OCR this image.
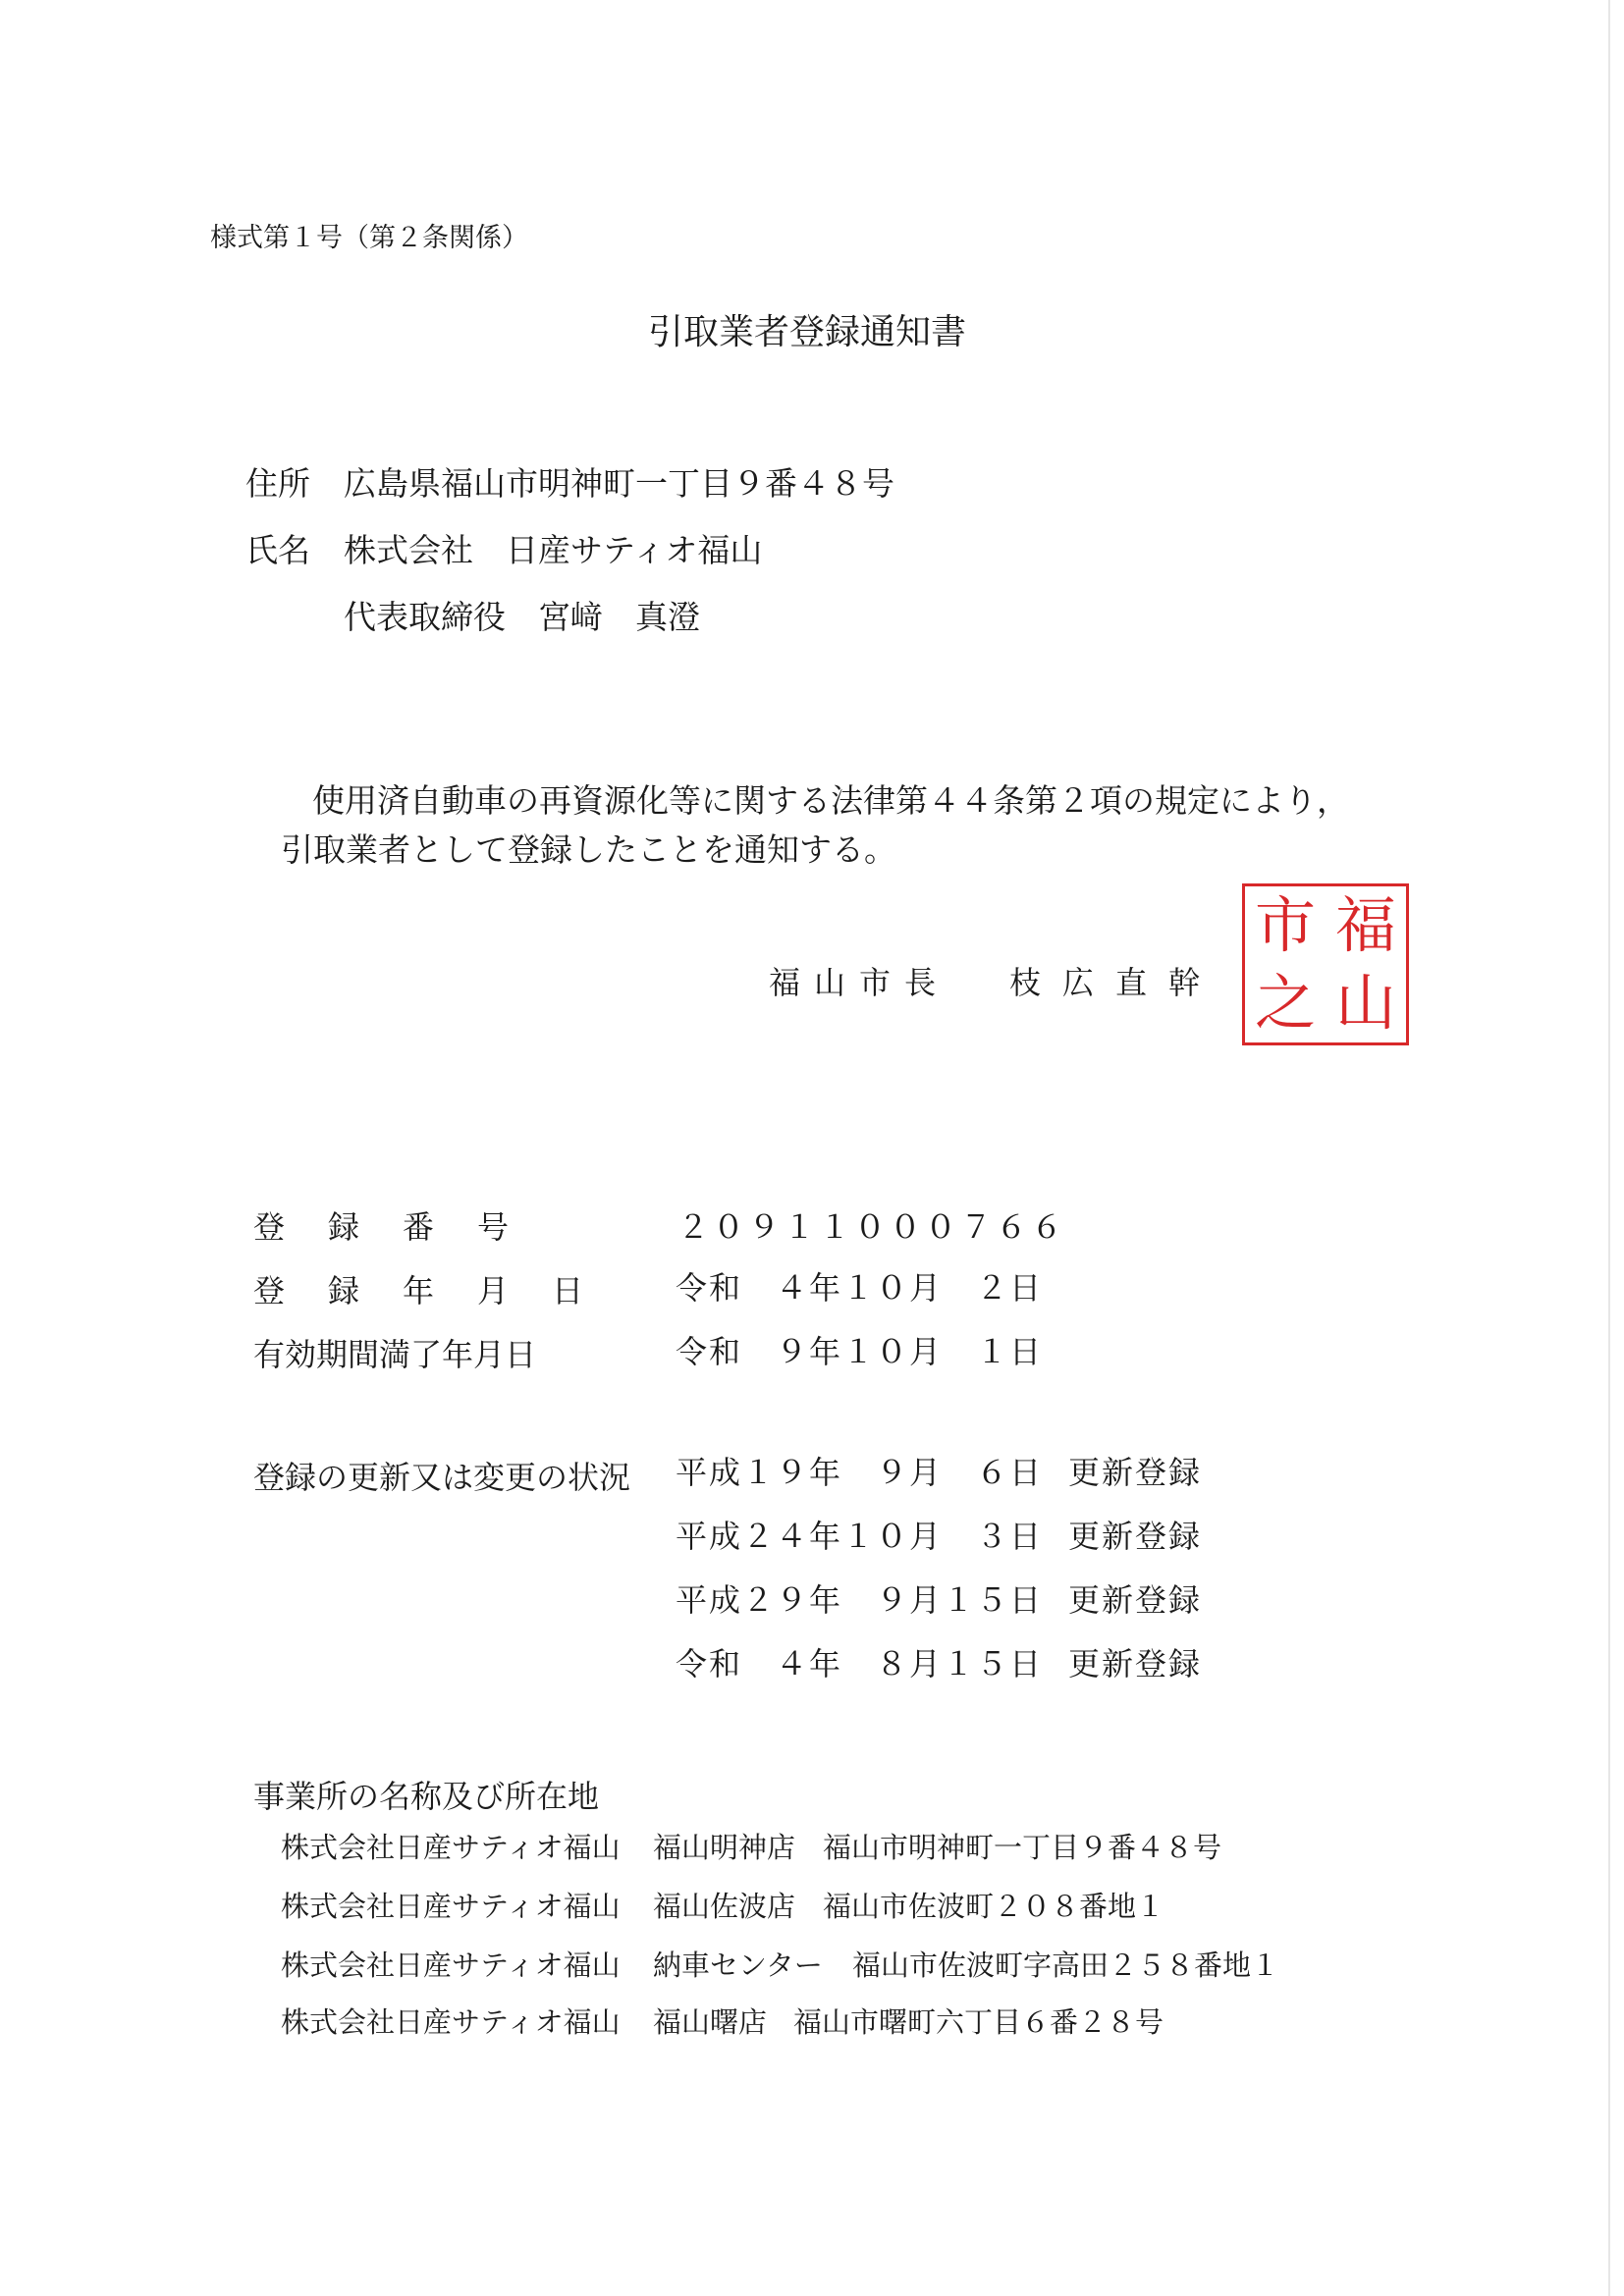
様式第１号（第２条関係）
引取業者登録通知書
住所 広島県福山市明神町一丁目９番４８号
氏名 株式会社　日産サティオ福山
代表取締役　宮﨑　真澄
使用済自動車の再資源化等に関する法律第４４条第２項の規定により，
引取業者として登録したことを通知する。
福山市長 枝広直幹
市 福
之 山
登　録　番　号	２０９１１０００７６６
登　録　年　月　日	令和　４年１０月　２日
有効期間満了年月日	令和　９年１０月　１日
登録の更新又は変更の状況 平成１９年　９月　６日 更新登録
平成２４年１０月　３日 更新登録
平成２９年　９月１５日 更新登録
令和　４年　８月１５日 更新登録
事業所の名称及び所在地
株式会社日産サティオ福山 福山明神店 福山市明神町一丁目９番４８号
株式会社日産サティオ福山 福山佐波店 福山市佐波町２０８番地１
株式会社日産サティオ福山 納車センター 福山市佐波町字高田２５８番地１
株式会社日産サティオ福山 福山曙店 福山市曙町六丁目６番２８号
